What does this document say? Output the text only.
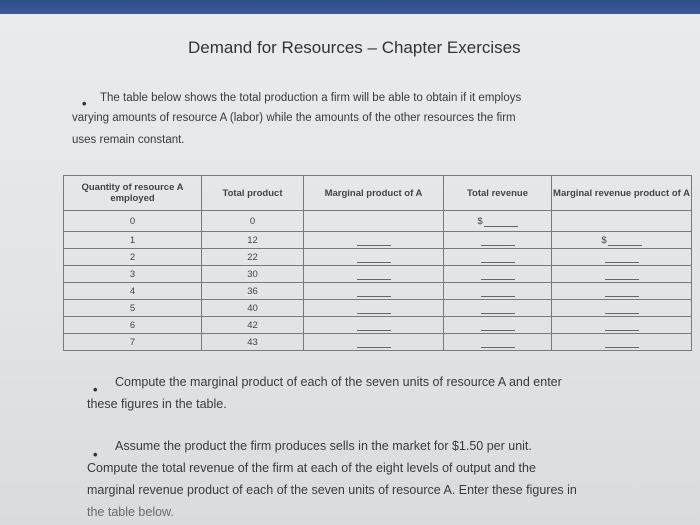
Demand for Resources – Chapter Exercises
• The table below shows the total production a firm will be able to obtain if it employs
varying amounts of resource A (labor) while the amounts of the other resources the firm
uses remain constant.
• Compute the marginal product of each of the seven units of resource A and enter
these figures in the table.
•
Assume the product the firm produces sells in the market for $1.50 per unit.
Compute the total revenue of the firm at each of the eight levels of output and the
marginal revenue product of each of the seven units of resource A. Enter these figures in
the table below.
Quantity of resource A employed	Total product	Marginal product of A	Total revenue	Marginal revenue product of A
0	0		$	
1	12			$
2	22			
3	30			
4	36			
5	40			
6	42			
7	43			
